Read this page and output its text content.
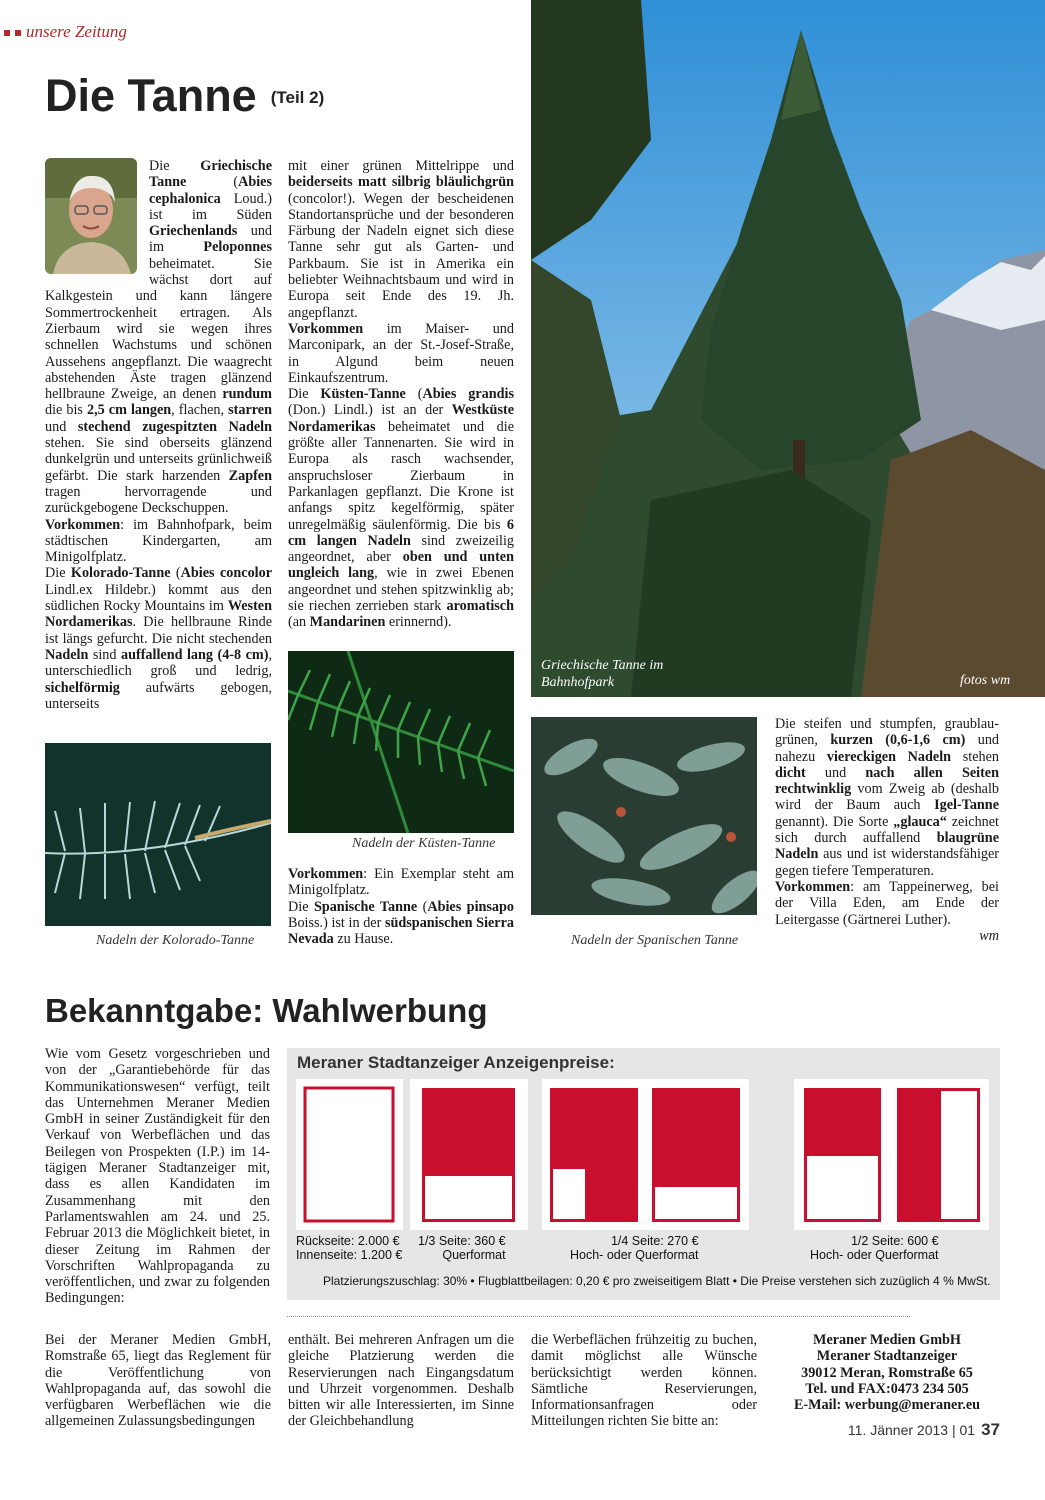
unsere Zeitung
Die Tanne $^{(Teil 2)}$

Die Griechische Tanne (Abies cephalonica Loud.) ist im Süden Griechenlands und im Peloponnes beheimatet. Sie wächst dort auf Kalkgestein und kann längere Sommertrockenheit ertragen. Als Zierbaum wird sie wegen ihres schnellen Wachstums und schönen Aussehens angepflanzt. Die waagrecht abstehenden Äste tragen glänzend hellbraune Zweige, an denen rundum die bis 2,5 cm langen, flachen, starren und stechend zugespitzten Nadeln stehen. Sie sind oberseits glänzend dunkelgrün und unterseits grünlichweiß gefärbt. Die stark harzenden Zapfen tragen hervorragende und zurückgebogene Deckschuppen.

Vorkommen: im Bahnhofpark, beim städtischen Kindergarten, am Minigolfplatz.

Die Kolorado-Tanne (Abies concolor Lindl.ex Hildebr.) kommt aus den südlichen Rocky Mountains im Westen Nordamerikas. Die hellbraune Rinde ist längs gefurcht. Die nicht stechenden Nadeln sind auffallend lang (4-8 cm), unterschiedlich groß und ledrig, sichelförmig aufwärts gebogen, unterseits

mit einer grünen Mittelrippe und beiderseits matt silbrig bläulichgrün (concolor!). Wegen der bescheidenen Standortansprüche und der besonderen Färbung der Nadeln eignet sich diese Tanne sehr gut als Garten- und Parkbaum. Sie ist in Amerika ein beliebter Weihnachtsbaum und wird in Europa seit Ende des 19. Jh. angepflanzt.

Vorkommen im Maiser- und Marconipark, an der St.-Josef-Straße, in Algund beim neuen Einkaufszentrum.

Die Küsten-Tanne (Abies grandis (Don.) Lindl.) ist an der Westküste Nordamerikas beheimatet und die größte aller Tannenarten. Sie wird in Europa als rasch wachsender, anspruchsloser Zierbaum in Parkanlagen gepflanzt. Die Krone ist anfangs spitz kegelförmig, später unregelmäßig säulenförmig. Die bis 6 cm langen Nadeln sind zweizeilig angeordnet, aber oben und unten ungleich lang, wie in zwei Ebenen angeordnet und stehen spitzwinklig ab; sie riechen zerrieben stark aromatisch (an Mandarinen erinnernd).

Vorkommen: Ein Exemplar steht am Minigolfplatz.

Die Spanische Tanne (Abies pinsapo Boiss.) ist in der südspanischen Sierra Nevada zu Hause.

Griechische Tanne im Bahnhofpark	fotos wm
Nadeln der Kolorado-Tanne
Nadeln der Küsten-Tanne
Nadeln der Spanischen Tanne

Die steifen und stumpfen, graublau-grünen, kurzen (0,6-1,6 cm) und nahezu viereckigen Nadeln stehen dicht und nach allen Seiten rechtwinklig vom Zweig ab (deshalb wird der Baum auch Igel-Tanne genannt). Die Sorte „glauca“ zeichnet sich durch auffallend blaugrüne Nadeln aus und ist widerstandsfähiger gegen tiefere Temperaturen.

Vorkommen: am Tappeinerweg, bei der Villa Eden, am Ende der Leitergasse (Gärtnerei Luther).

wm

Bekanntgabe: Wahlwerbung

Wie vom Gesetz vorgeschrieben und von der „Garantiebehörde für das Kommunikationswesen“ verfügt, teilt das Unternehmen Meraner Medien GmbH in seiner Zuständigkeit für den Verkauf von Werbeflächen und das Beilegen von Prospekten (I.P.) im 14-tägigen Meraner Stadtanzeiger mit, dass es allen Kandidaten im Zusammenhang mit den Parlamentswahlen am 24. und 25. Februar 2013 die Möglichkeit bietet, in dieser Zeitung im Rahmen der Vorschriften Wahlpropaganda zu veröffentlichen, und zwar zu folgenden Bedingungen:

Meraner Stadtanzeiger Anzeigenpreise:
Rückseite: 2.000 €
Innenseite: 1.200 €
1/3 Seite: 360 €
Querformat
1/4 Seite: 270 €
Hoch- oder Querformat
1/2 Seite: 600 €
Hoch- oder Querformat
Platzierungszuschlag: 30% • Flugblattbeilagen: 0,20 € pro zweiseitigem Blatt • Die Preise verstehen sich zuzüglich 4 % MwSt.

Bei der Meraner Medien GmbH, Romstraße 65, liegt das Reglement für die Veröffentlichung von Wahlpropaganda auf, das sowohl die verfügbaren Werbeflächen wie die allgemeinen Zulassungsbedingungen

enthält. Bei mehreren Anfragen um die gleiche Platzierung werden die Reservierungen nach Eingangsdatum und Uhrzeit vorgenommen. Deshalb bitten wir alle Interessierten, im Sinne der Gleichbehandlung

die Werbeflächen frühzeitig zu buchen, damit möglichst alle Wünsche berücksichtigt werden können. Sämtliche Reservierungen, Informationsanfragen oder Mitteilungen richten Sie bitte an:

Meraner Medien GmbH
Meraner Stadtanzeiger
39012 Meran, Romstraße 65
Tel. und FAX:0473 234 505
E-Mail: werbung@meraner.eu
11. Jänner 2013 | 01 37
